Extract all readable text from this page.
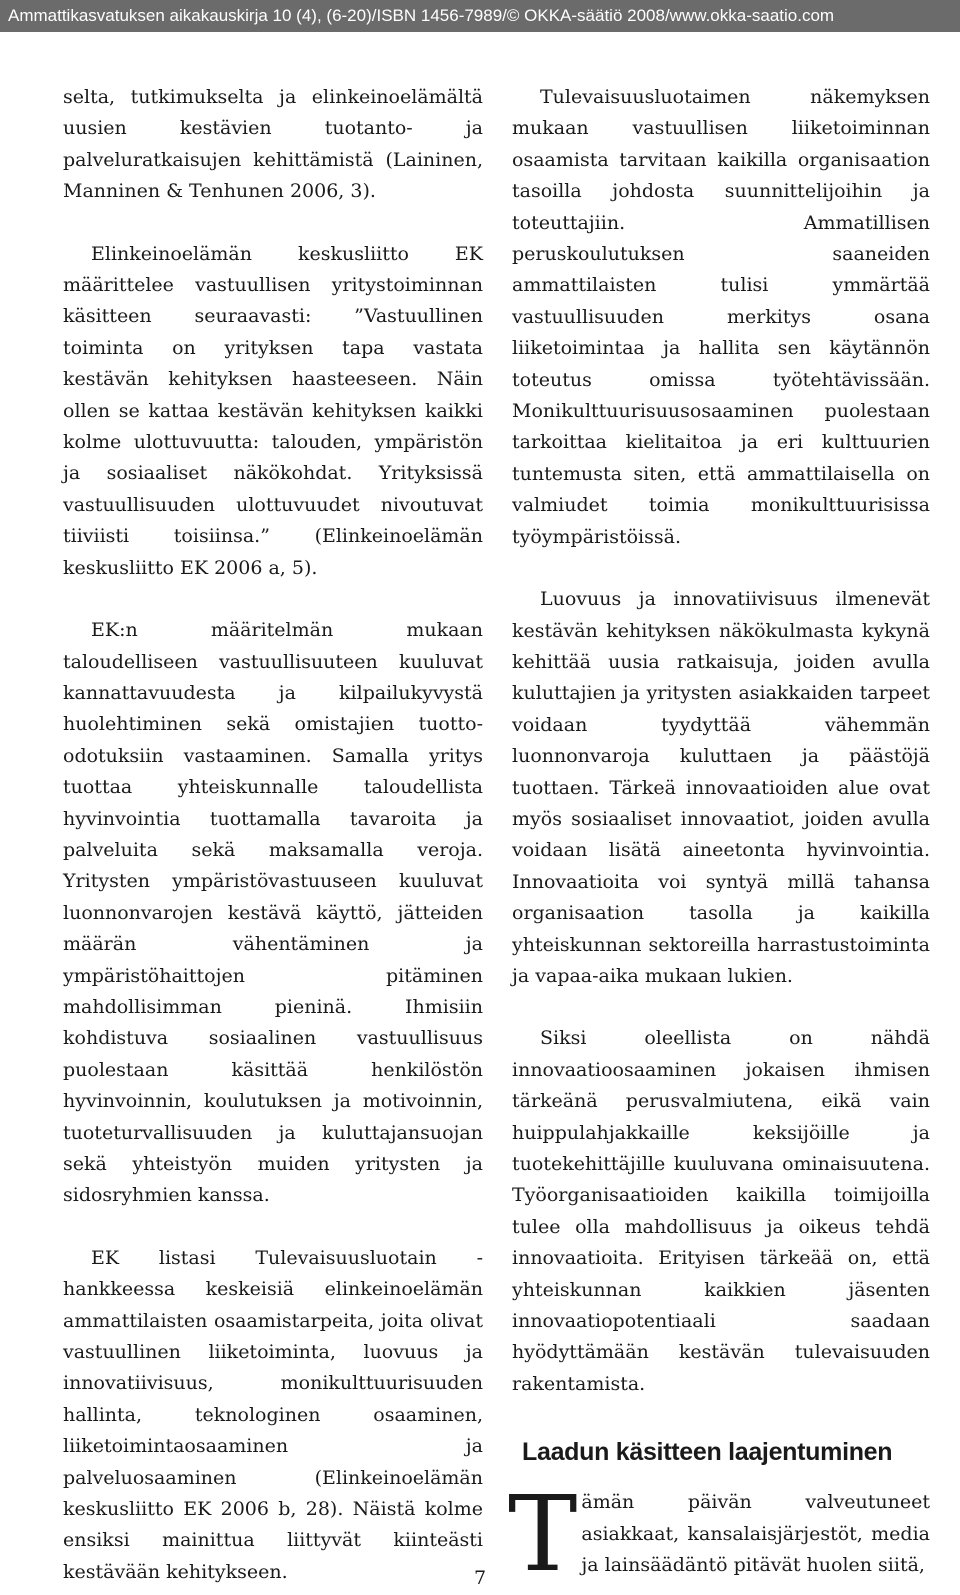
Ammattikasvatuksen aikakauskirja 10 (4), (6-20)/ISBN 1456-7989/© OKKA-säätiö 2008/www.okka-saatio.com

selta, tutkimukselta ja elinkeinoelämältä uusien kestävien tuotanto- ja palveluratkaisujen kehittämistä (Laininen, Manninen & Tenhunen 2006, 3).

Elinkeinoelämän keskusliitto EK määrittelee vastuullisen yritystoiminnan käsitteen seuraavasti: ”Vastuullinen toiminta on yrityksen tapa vastata kestävän kehityksen haasteeseen. Näin ollen se kattaa kestävän kehityksen kaikki kolme ulottuvuutta: talouden, ympäristön ja sosiaaliset näkökohdat. Yrityksissä vastuullisuuden ulottuvuudet nivoutuvat tiiviisti toisiinsa.” (Elinkeinoelämän keskusliitto EK 2006 a, 5).

EK:n määritelmän mukaan taloudelliseen vastuullisuuteen kuuluvat kannattavuudesta ja kilpailukyvystä huolehtiminen sekä omistajien tuotto-odotuksiin vastaaminen. Samalla yritys tuottaa yhteiskunnalle taloudellista hyvinvointia tuottamalla tavaroita ja palveluita sekä maksamalla veroja. Yritysten ympäristövastuuseen kuuluvat luonnonvarojen kestävä käyttö, jätteiden määrän vähentäminen ja ympäristöhaittojen pitäminen mahdollisimman pieninä. Ihmisiin kohdistuva sosiaalinen vastuullisuus puolestaan käsittää henkilöstön hyvinvoinnin, koulutuksen ja motivoinnin, tuoteturvallisuuden ja kuluttajansuojan sekä yhteistyön muiden yritysten ja sidosryhmien kanssa.

EK listasi Tulevaisuusluotain -hankkeessa keskeisiä elinkeinoelämän ammattilaisten osaamistarpeita, joita olivat vastuullinen liiketoiminta, luovuus ja innovatiivisuus, monikulttuurisuuden hallinta, teknologinen osaaminen, liiketoimintaosaaminen ja palveluosaaminen (Elinkeinoelämän keskusliitto EK 2006 b, 28). Näistä kolme ensiksi mainittua liittyvät kiinteästi kestävään kehitykseen.

Tulevaisuusluotaimen näkemyksen mukaan vastuullisen liiketoiminnan osaamista tarvitaan kaikilla organisaation tasoilla johdosta suunnittelijoihin ja toteuttajiin. Ammatillisen peruskoulutuksen saaneiden ammattilaisten tulisi ymmärtää vastuullisuuden merkitys osana liiketoimintaa ja hallita sen käytännön toteutus omissa työtehtävissään. Monikulttuurisuusosaaminen puolestaan tarkoittaa kielitaitoa ja eri kulttuurien tuntemusta siten, että ammattilaisella on valmiudet toimia monikulttuurisissa työympäristöissä.

Luovuus ja innovatiivisuus ilmenevät kestävän kehityksen näkökulmasta kykynä kehittää uusia ratkaisuja, joiden avulla kuluttajien ja yritysten asiakkaiden tarpeet voidaan tyydyttää vähemmän luonnonvaroja kuluttaen ja päästöjä tuottaen. Tärkeä innovaatioiden alue ovat myös sosiaaliset innovaatiot, joiden avulla voidaan lisätä aineetonta hyvinvointia. Innovaatioita voi syntyä millä tahansa organisaation tasolla ja kaikilla yhteiskunnan sektoreilla harrastustoiminta ja vapaa-aika mukaan lukien.

Siksi oleellista on nähdä innovaatioosaaminen jokaisen ihmisen tärkeänä perusvalmiutena, eikä vain huippulahjakkaille keksijöille ja tuotekehittäjille kuuluvana ominaisuutena. Työorganisaatioiden kaikilla toimijoilla tulee olla mahdollisuus ja oikeus tehdä innovaatioita. Erityisen tärkeää on, että yhteiskunnan kaikkien jäsenten innovaatiopotentiaali saadaan hyödyttämään kestävän tulevaisuuden rakentamista.

Laadun käsitteen laajentuminen

T ämän päivän valveutuneet asiakkaat, kansalaisjärjestöt, media ja lainsäädäntö pitävät huolen siitä,

7
